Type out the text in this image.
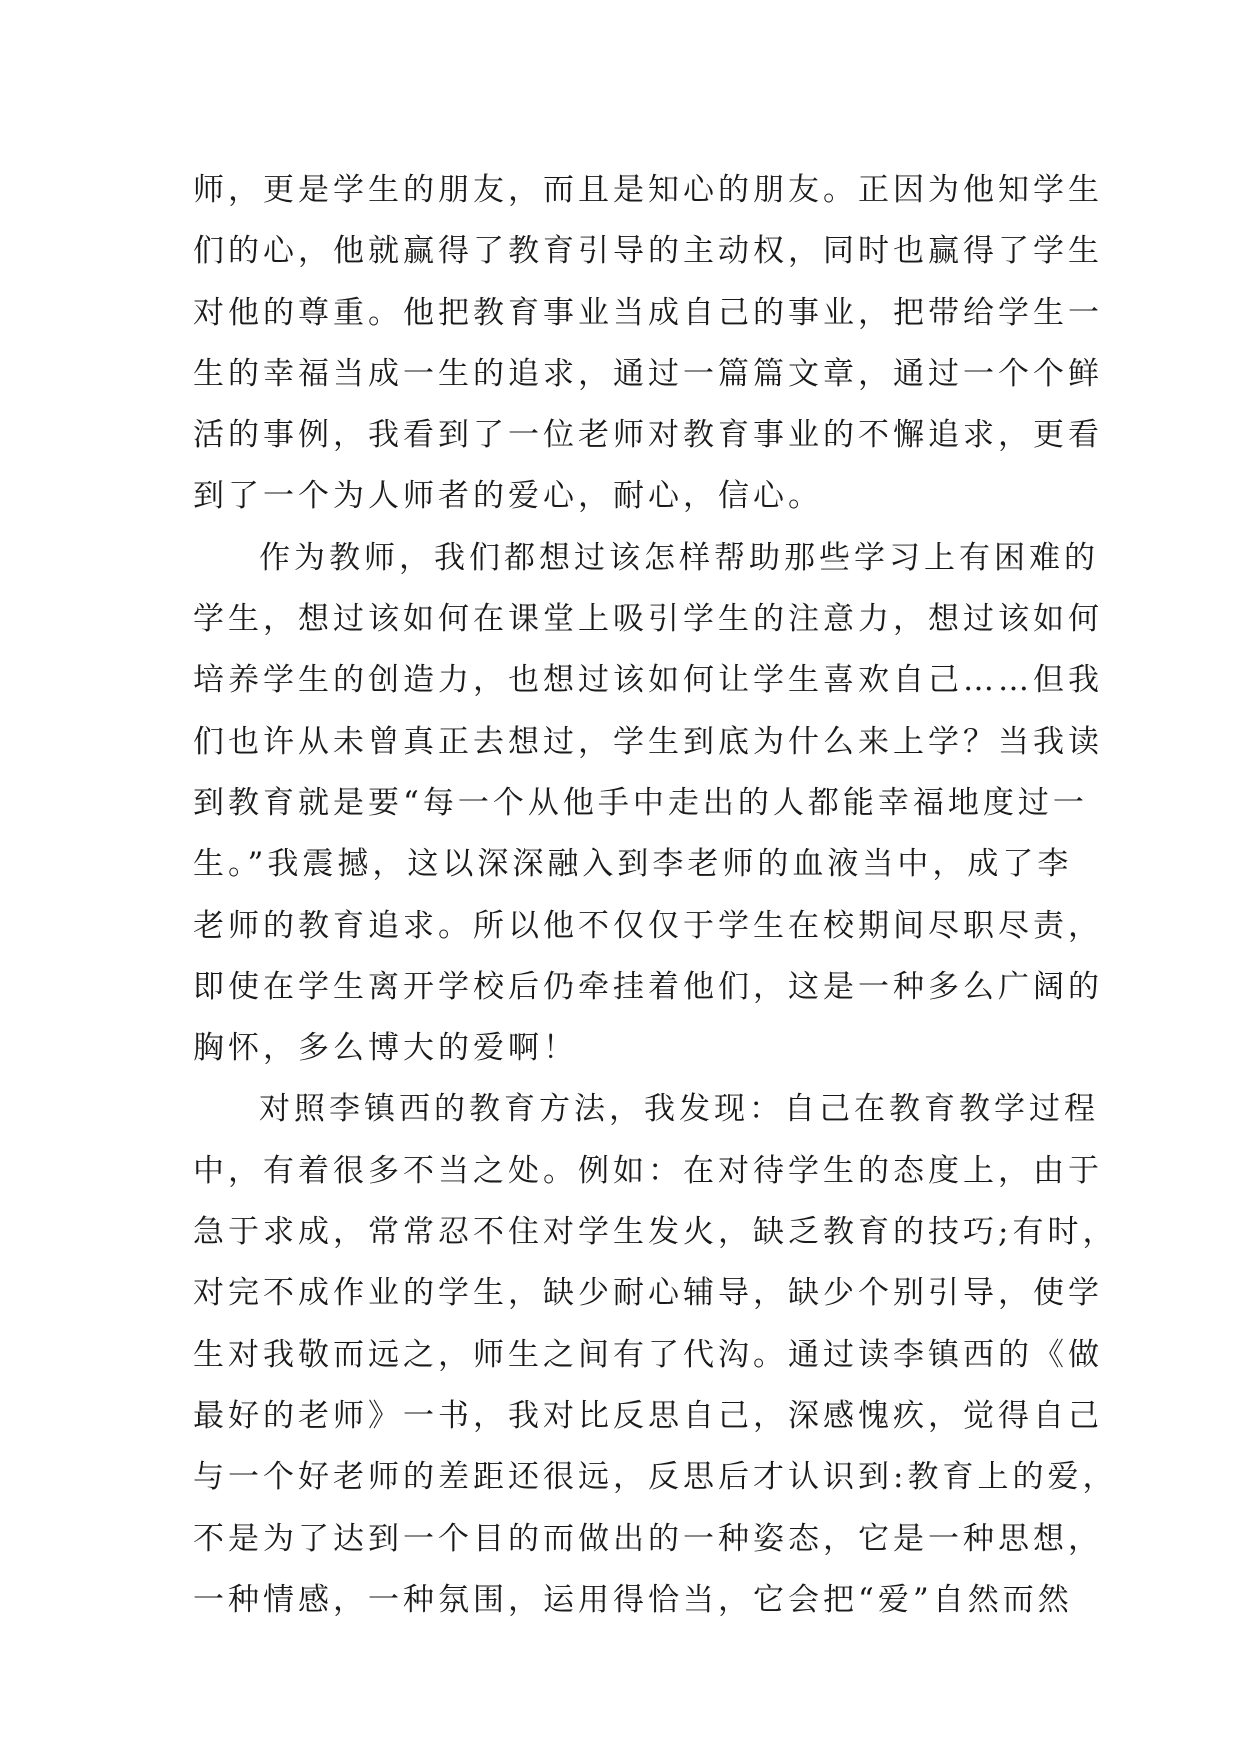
师，更是学生的朋友，而且是知心的朋友。正因为他知学生
们的心，他就赢得了教育引导的主动权，同时也赢得了学生
对他的尊重。他把教育事业当成自己的事业，把带给学生一
生的幸福当成一生的追求，通过一篇篇文章，通过一个个鲜
活的事例，我看到了一位老师对教育事业的不懈追求，更看
到了一个为人师者的爱心，耐心，信心。
作为教师，我们都想过该怎样帮助那些学习上有困难的
学生，想过该如何在课堂上吸引学生的注意力，想过该如何
培养学生的创造力，也想过该如何让学生喜欢自己……但我
们也许从未曾真正去想过，学生到底为什么来上学？当我读
到教育就是要“每一个从他手中走出的人都能幸福地度过一
生。”我震撼，这以深深融入到李老师的血液当中，成了李
老师的教育追求。所以他不仅仅于学生在校期间尽职尽责，
即使在学生离开学校后仍牵挂着他们，这是一种多么广阔的
胸怀，多么博大的爱啊！
对照李镇西的教育方法，我发现：自己在教育教学过程
中，有着很多不当之处。例如：在对待学生的态度上，由于
急于求成，常常忍不住对学生发火，缺乏教育的技巧;有时，
对完不成作业的学生，缺少耐心辅导，缺少个别引导，使学
生对我敬而远之，师生之间有了代沟。通过读李镇西的《做
最好的老师》一书，我对比反思自己，深感愧疚，觉得自己
与一个好老师的差距还很远，反思后才认识到:教育上的爱，
不是为了达到一个目的而做出的一种姿态，它是一种思想，
一种情感，一种氛围，运用得恰当，它会把“爱”自然而然
